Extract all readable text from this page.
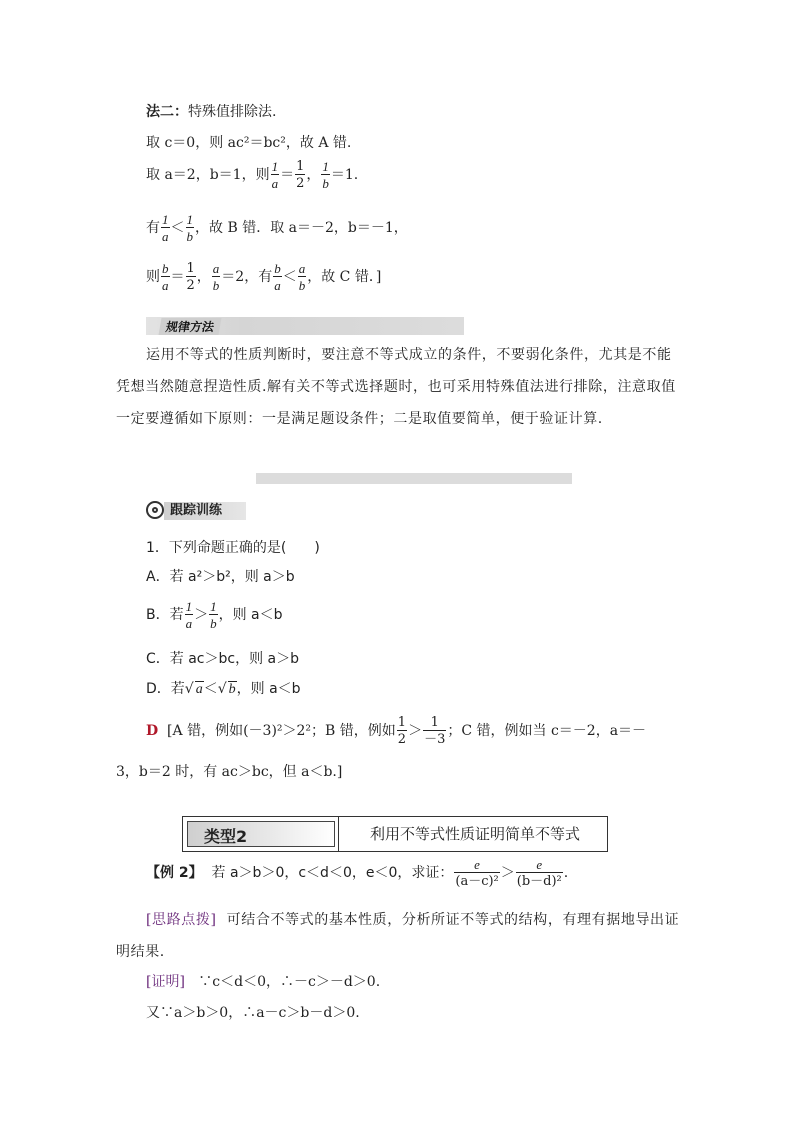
法二：特殊值排除法.
取 c＝0，则 ac²＝bc²，故 A 错.
取 a＝2，b＝1，则 $\frac{1}{a} = \frac{1}{2}$ ， $\frac{1}{b} =1$.
有 $\frac{1}{a} < \frac{1}{b}$ ，故 B 错．取 a＝－2，b＝－1，
则 $\frac{b}{a} = \frac{1}{2}$ ， $\frac{a}{b} =2$，有 $\frac{b}{a} < \frac{a}{b}$ ，故 C 错．]
规律方法
运用不等式的性质判断时，要注意不等式成立的条件，不要弱化条件，尤其是不能凭想当然随意捏造性质.解有关不等式选择题时，也可采用特殊值法进行排除，注意取值一定要遵循如下原则：一是满足题设条件；二是取值要简单，便于验证计算.
跟踪训练
1．下列命题正确的是(　　)
A．若 a²＞b²，则 a＞b
B．若 $\frac{1}{a} > \frac{1}{b}$ ，则 a＜b
C．若 ac＞bc，则 a＞b
D．若√ a＜√ b，则 a＜b
D [A 错，例如(－3)²＞2²；B 错，例如 $\frac{1}{2} > \frac{1}{-3}$ ；C 错，例如当 c＝－2，a＝－
3，b＝2 时，有 ac＞bc，但 a＜b.]
类型2	利用不等式性质证明简单不等式
【例 2】 若 a＞b＞0，c＜d＜0，e＜0，求证： $\frac{e}{\text{(a－c)²}} > \frac{e}{\text{(b－d)²}}$ .
[思路点拨] 可结合不等式的基本性质，分析所证不等式的结构，有理有据地导出证明结果.
[证明] ∵c＜d＜0，∴－c＞－d＞0.
又∵a＞b＞0，∴a－c＞b－d＞0.
